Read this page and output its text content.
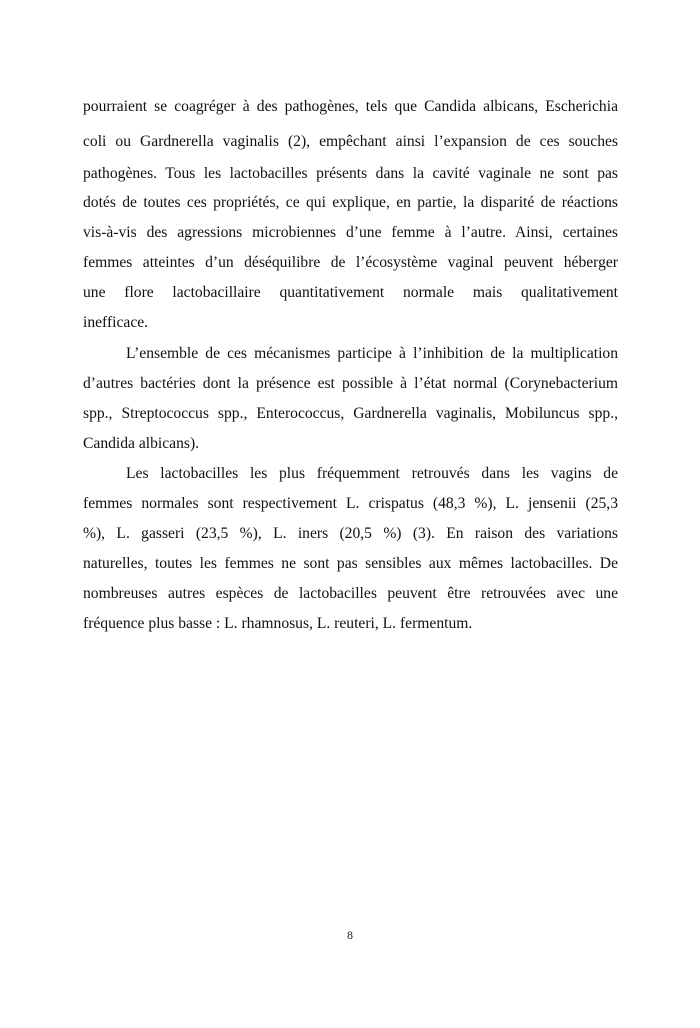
pourraient se coagréger à des pathogènes, tels que Candida albicans, Escherichia
coli ou Gardnerella vaginalis (2), empêchant ainsi l’expansion de ces souches
pathogènes. Tous les lactobacilles présents dans la cavité vaginale ne sont pas
dotés de toutes ces propriétés, ce qui explique, en partie, la disparité de réactions
vis-à-vis des agressions microbiennes d’une femme à l’autre. Ainsi, certaines
femmes atteintes d’un déséquilibre de l’écosystème vaginal peuvent héberger
une flore lactobacillaire quantitativement normale mais qualitativement
inefficace.
L’ensemble de ces mécanismes participe à l’inhibition de la multiplication
d’autres bactéries dont la présence est possible à l’état normal (Corynebacterium
spp., Streptococcus spp., Enterococcus, Gardnerella vaginalis, Mobiluncus spp.,
Candida albicans).
Les lactobacilles les plus fréquemment retrouvés dans les vagins de
femmes normales sont respectivement L. crispatus (48,3 %), L. jensenii (25,3
%), L. gasseri (23,5 %), L. iners (20,5 %) (3). En raison des variations
naturelles, toutes les femmes ne sont pas sensibles aux mêmes lactobacilles. De
nombreuses autres espèces de lactobacilles peuvent être retrouvées avec une
fréquence plus basse : L. rhamnosus, L. reuteri, L. fermentum.
8
